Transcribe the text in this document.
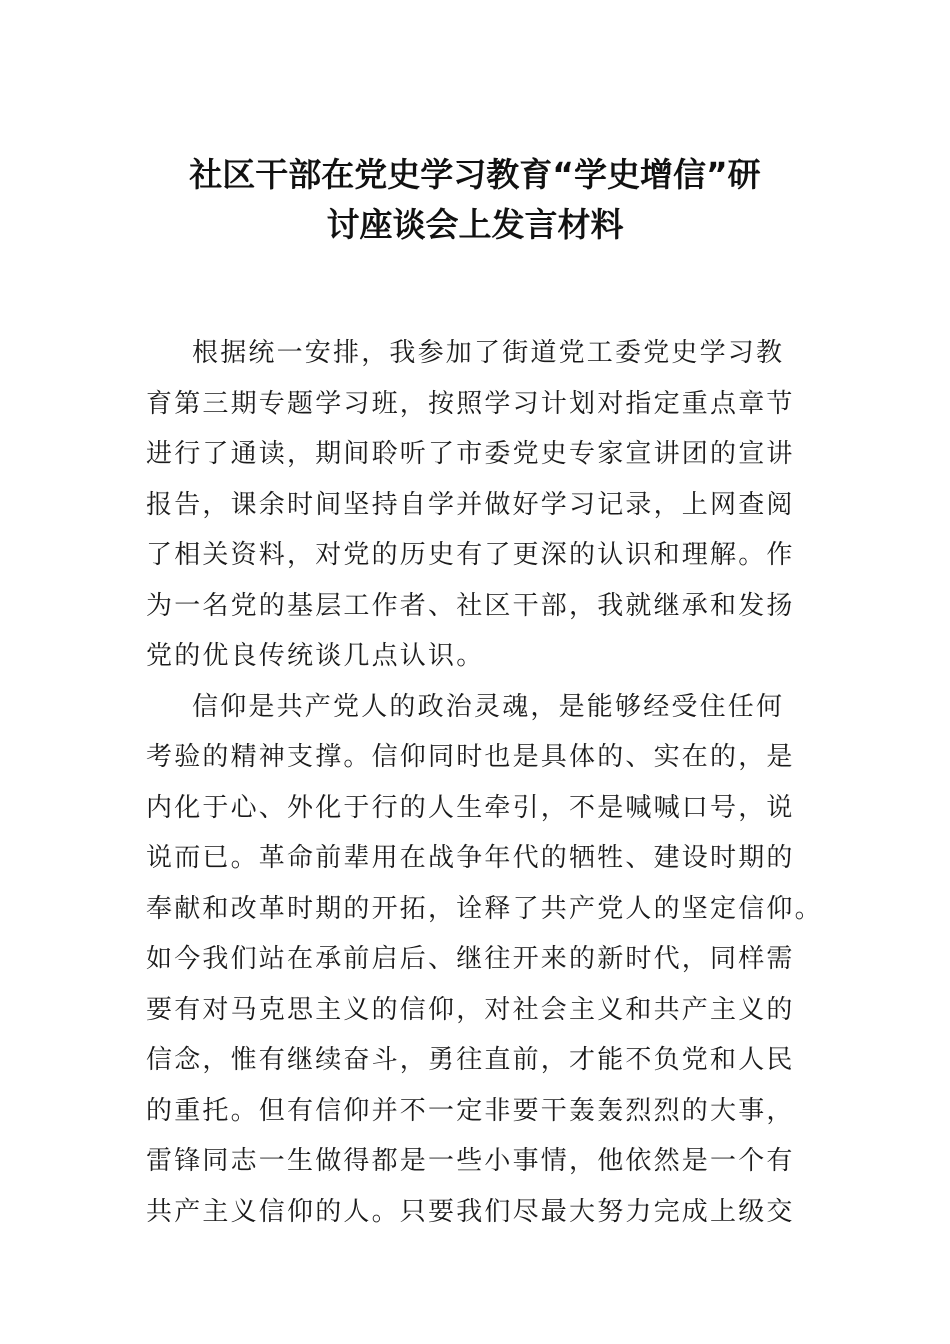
社区干部在党史学习教育“学史增信”研
讨座谈会上发言材料
根据统一安排，我参加了街道党工委党史学习教
育第三期专题学习班，按照学习计划对指定重点章节
进行了通读，期间聆听了市委党史专家宣讲团的宣讲
报告，课余时间坚持自学并做好学习记录，上网查阅
了相关资料，对党的历史有了更深的认识和理解。作
为一名党的基层工作者、社区干部，我就继承和发扬
党的优良传统谈几点认识。
信仰是共产党人的政治灵魂，是能够经受住任何
考验的精神支撑。信仰同时也是具体的、实在的，是
内化于心、外化于行的人生牵引，不是喊喊口号，说
说而已。革命前辈用在战争年代的牺牲、建设时期的
奉献和改革时期的开拓，诠释了共产党人的坚定信仰。
如今我们站在承前启后、继往开来的新时代，同样需
要有对马克思主义的信仰，对社会主义和共产主义的
信念，惟有继续奋斗，勇往直前，才能不负党和人民
的重托。但有信仰并不一定非要干轰轰烈烈的大事，
雷锋同志一生做得都是一些小事情，他依然是一个有
共产主义信仰的人。只要我们尽最大努力完成上级交
